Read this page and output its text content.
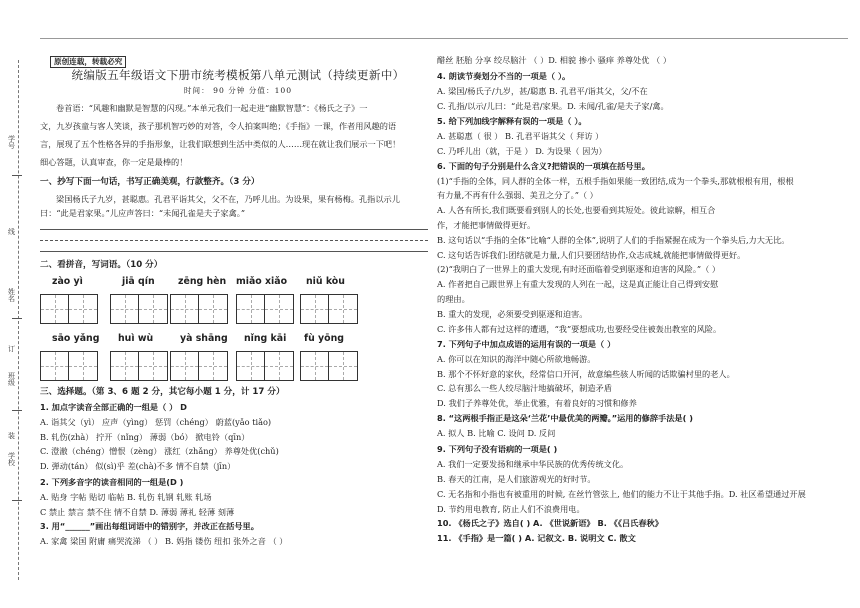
学号
线
姓名
订
班级
装
学校
原创连载，转载必究
统编版五年级语文下册市统考模板第八单元测试（持续更新中）
时间： 90 分钟 分值：100
卷首语：“风趣和幽默是智慧的闪现。”本单元我们一起走进“幽默智慧”：《杨氏之子》一
文，九岁孩童与客人笑谈，孩子那机智巧妙的对答，令人拍案叫绝；《手指》一课，作者用风趣的语
言，展现了五个性格各异的手指形象，让我们联想到生活中类似的人……现在就让我们展示一下吧！
细心答题，认真审查，你一定是最棒的！
一、抄写下面一句话，书写正确美观，行款整齐。（3 分）
梁国杨氏子九岁，甚聪惠。孔君平诣其父，父不在，乃呼儿出。为设果，果有杨梅。孔指以示儿
曰：“此是君家果。”儿应声答曰：“未闻孔雀是夫子家禽。”
二、看拼音，写词语。（10 分）
zào yì	jiā qín zēng hèn miǎo xiǎo niǔ kòu
sāo yǎng huì wù	yà shāng nǐng kāi fù yōng
三、选择题。（第 3、6 题 2 分，其它每小题 1 分，计 17 分）
1. 加点字读音全部正确的一组是（ ） D
A. 诣其父（yì） 应声（yìng） 惩罚（chéng） 蔚蓝(yǎo tiǎo)
B. 轧伤(zhà） 拧开（nǐng） 薄弱（bó） 掀电铃（qīn）
C. 澄澈（chéng）憎恨（zèng） 涨红（zhǎng） 养尊处优(chǔ)
D. 弹动(tán） 似(sì)乎 差(chà)不多 情不自禁（jīn）
2. 下列多音字的读音相同的一组是(D )
A. 贴身 字帖 贴切 临帖 B. 轧伤 轧钢 轧账 轧场
C 禁止 禁言 禁不住 情不自禁 D. 薄弱 薄礼 轻薄 刻薄
3. 用“______”画出每组词语中的错别字，并改正在括号里。
A. 家禽 梁国 附庸 痛哭流涕 （ ） B. 妈指 镂伤 纽扣 张外之音 （ ）
醋丝 胚胎 分享 绞尽脑汁 （ ）D. 相貌 掺小 骚痒 养尊处优 （ ）
4. 朗读节奏划分不当的一项是（ ）。
A. 梁国/杨氏子/九岁，甚/聪惠 B. 孔君平/诣其父，父/不在
C. 孔指/以示/儿曰：“此是君/家果。D. 未闻/孔雀/是夫子家/禽。
5. 给下列加线字解释有误的一项是（ ）。
A. 甚聪惠（ 很 ） B. 孔君平诣其父（ 拜访 ）
C. 乃呼儿出（就，于是 ） D. 为设果（ 因为）
6. 下面的句子分别是什么含义?把错误的一项填在括号里。
(1)“手指的全体，同人群的全体一样，五根手指如果能一致团结,成为一个拳头,那就根根有用，根根
有力量,不再有什么强弱、美丑之分了。”（ ）
A. 人各有所长,我们既要看到别人的长处,也要看到其短处。彼此谅解，相互合
作，才能把事情做得更好。
B. 这句话以“手指的全体”比喻“人群的全体”,说明了人们的手指紧握在成为一个拳头后,力大无比。
C. 这句话告诉我们:团结就是力量,人们只要团结协作,众志成城,就能把事情做得更好。
(2)“我明白了一世界上的重大发现,有时还面临着受到驱逐和迫害的风险。”（ ）
A. 作者把自己跟世界上有重大发现的人列在一起，这是真正能让自己得到安慰
的理由。
B. 重大的发现，必须要受到驱逐和迫害。
C. 许多伟人都有过这样的遭遇，“我”要想成功,也要经受住被轰出教室的风险。
7. 下列句子中加点成语的运用有误的一项是（ ）
A. 你可以在知识的海洋中随心所欲地畅游。
B. 那个不怀好意的家伙，经常信口开河，故意编些骇人听闻的话欺骗村里的老人。
C. 总有那么一些人绞尽脑汁地搞破坏，制造矛盾
D. 我们子养尊处优，举止优雅，有着良好的习惯和修养
8. “这两根手指正是这朵‘兰花’中最优美的两瓣。”运用的修辞手法是( )
A. 拟人 B. 比喻 C. 设问 D. 反问
9. 下列句子没有语病的一项是( )
A. 我们一定要发扬和继承中华民族的优秀传统文化。
B. 春天的江南，是人们旅游观光的好时节。
C. 无名指和小指也有被重用的时候, 在丝竹管弦上, 他们的能力不让于其他手指。D. 社区希望通过开展
D. 节约用电教育, 防止人们不浪费用电。
10. 《杨氏之子》选自( ) A. 《世说新语》 B. 《《吕氏春秋》
11. 《手指》是一篇( ) A. 记叙文. B. 说明文 C. 散文
